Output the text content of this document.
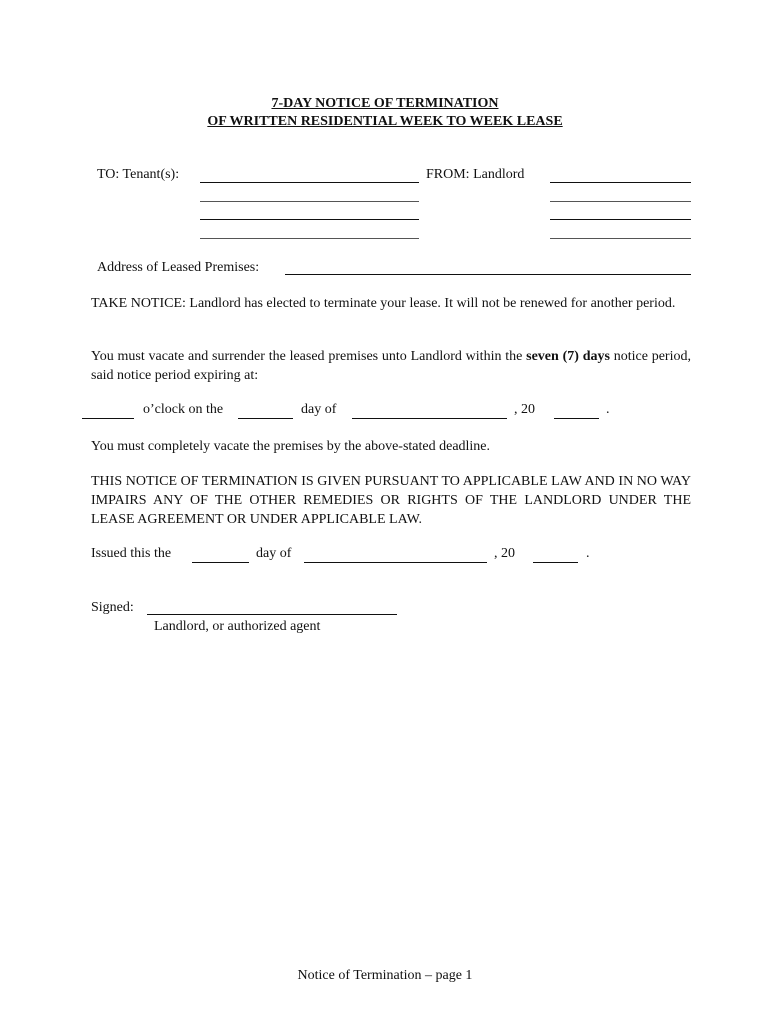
7-DAY NOTICE OF TERMINATION
OF WRITTEN RESIDENTIAL WEEK TO WEEK LEASE
TO: Tenant(s):	FROM: Landlord
Address of Leased Premises:
TAKE NOTICE: Landlord has elected to terminate your lease. It will not be renewed for another period.
You must vacate and surrender the leased premises unto Landlord within the seven (7) days notice period, said notice period expiring at:
o’clock on the	day of	, 20	.
You must completely vacate the premises by the above-stated deadline.
THIS NOTICE OF TERMINATION IS GIVEN PURSUANT TO APPLICABLE LAW AND IN NO WAY IMPAIRS ANY OF THE OTHER REMEDIES OR RIGHTS OF THE LANDLORD UNDER THE LEASE AGREEMENT OR UNDER APPLICABLE LAW.
Issued this the	day of	, 20	.
Signed:
Landlord, or authorized agent
Notice of Termination – page 1
